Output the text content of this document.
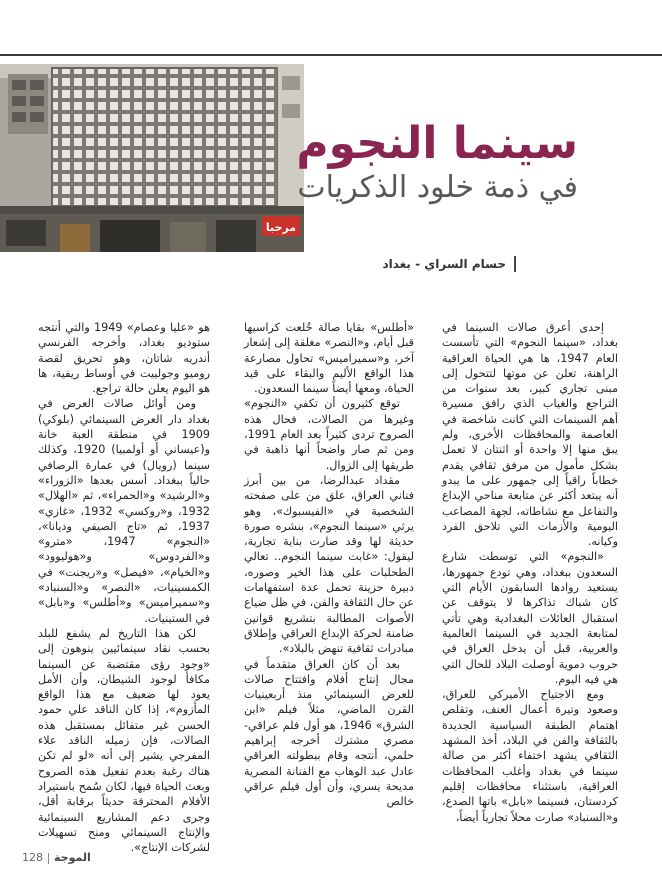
مرحبا
سينما النجوم
في ذمة خلود الذكريات
حسام السراي - بغداد

إحدى أعرق صالات السينما في بغداد، «سينما النجوم» التي تأسست العام 1947، ها هي الحياة العراقية الراهنة، تعلن عن موتها لتتحول إلى مبنى تجاري كبير، بعد سنوات من التراجع والغياب الذي رافق مسيرة أهم السينمات التي كانت شاخصة في العاصمة والمحافظات الأخرى، ولم يبق منها إلا واحدة أو اثنتان لا تعمل بشكل مأمول من مرفق ثقافي يقدم خطاباً راقياً إلى جمهور على ما يبدو أنه يبتعد أكثر عن متابعة مناحي الإبداع والتفاعل مع نشاطاته، لجهة المصاعب اليومية والأزمات التي تلاحق الفرد وكيانه.

«النجوم» التي توسطت شارع السعدون ببغداد، وهي تودع جمهورها، يستعيد روادها السابقون الأيام التي كان شباك تذاكرها لا يتوقف عن استقبال العائلات البغدادية وهي تأتي لمتابعة الجديد في السينما العالمية والعربية، قبل أن يدخل العراق في حروب دموية أوصلت البلاد للحال التي هي فيه اليوم.

ومع الاجتياح الأميركي للعراق، وصعود وتيرة أعمال العنف، وتقلص اهتمام الطبقة السياسية الجديدة بالثقافة والفن في البلاد، أخذ المشهد الثقافي يشهد اختفاء أكثر من صالة سينما في بغداد وأغلب المحافظات العراقية، باستثناء محافظات إقليم كردستان، فسينما «بابل» باتها الصدع، و«السنباد» صارت محلاً تجارياً أيضاً،

«أطلس» بقايا صالة خُلعت كراسيها قبل أيام، و«النصر» مغلقة إلى إشعار آخر، و«سميراميس» تحاول مصارعة هذا الواقع الأليم والبقاء على قيد الحياة، ومعها أيضاً سينما السعدون.

توقع كثيرون أن تكفي «النجوم» وغيرها من الصالات، فحال هذه الصروح تردى كثيراً بعد العام 1991، ومن ثم صار واضحاً أنها ذاهبة في طريقها إلى الزوال.

مقداد عبدالرضا، من بين أبرز فناني العراق، علق من على صفحته الشخصية في «الفيسبوك»، وهو يرثي «سينما النجوم»، بنشره صورة حديثة لها وقد صارت بناية تجارية، ليقول: «غابت سينما النجوم.. تعالي الطحلبات على هذا الخير وصوره، دبيرة حزينة تحمل عدة استفهامات عن حال الثقافة والفن، في ظل ضياع الأصوات المطالبة بتشريع قوانين ضامنة لحركة الإبداع العراقي وإطلاق مبادرات ثقافية تنهض بالبلاد».

بعد أن كان العراق متقدماً في مجال إنتاج أفلام وافتتاح صالات للعرض السينمائي منذ أربعينيات القرن الماضي، مثلاً فيلم «ابن الشرق» 1946، هو أول فلم عراقي- مصري مشترك أخرجه إبراهيم حلمي، أنتجه وقام ببطولته العراقي عادل عبد الوهاب مع الفنانة المصرية مديحة يسري، وأن أول فيلم عراقي خالص

هو «عليا وعصام» 1949 والتي أنتجه ستوديو بغداد، وأخرجه الفرنسي أندريه شاتان، وهو تحريق لقصة روميو وجولييت في أوساط ريفية، ها هو اليوم يعلن حالة تراجع.

ومن أوائل صالات العرض في بغداد دار العرض السينمائي (بلوكي) 1909 في منطقة العبة خانة و(عيساني أو أولمبيا) 1920، وكذلك سينما (رويال) في عمارة الرصافي حالياً ببغداد. أسس بعدها «الزوراء» و«الرشيد» و«الحمراء»، ثم «الهلال» 1932، و«روكسي» 1932، «غازي» 1937، ثم «تاج الصيفي وديانا»، «النجوم» 1947، «مترو» و«الفردوس» و«هوليوود» و«الخيام»، «فيصل» و«ريجنت» في الكمسينيات، «النصر» و«السنباد» و«سميراميس» و«أطلس» و«بابل» في الستينيات.

لكن هذا التاريخ لم يشفع للبلد بحسب نقاد سينمائيين ينوهون إلى «وجود رؤى مقتضبة عن السينما مكافأ لوجود الشيطان، وأن الأمل يعود لها ضعيف مع هذا الواقع المأزوم»، إذا كان الناقد علي حمود الحسن غير متفائل بمستقبل هذه الصالات، فإن زميله الناقد علاء المفرجي يشير إلى أنه «لو لم تكن هناك رغبة بعدم تفعيل هذه الصروح وبعث الحياة فيها، لكان سُمح باستيراد الأفلام المحترفة حديثاً برقابة أقل، وجرى دعم المشاريع السينمائية والإنتاج السينمائي ومنح تسهيلات لشركات الإنتاج».

128 الموجة
